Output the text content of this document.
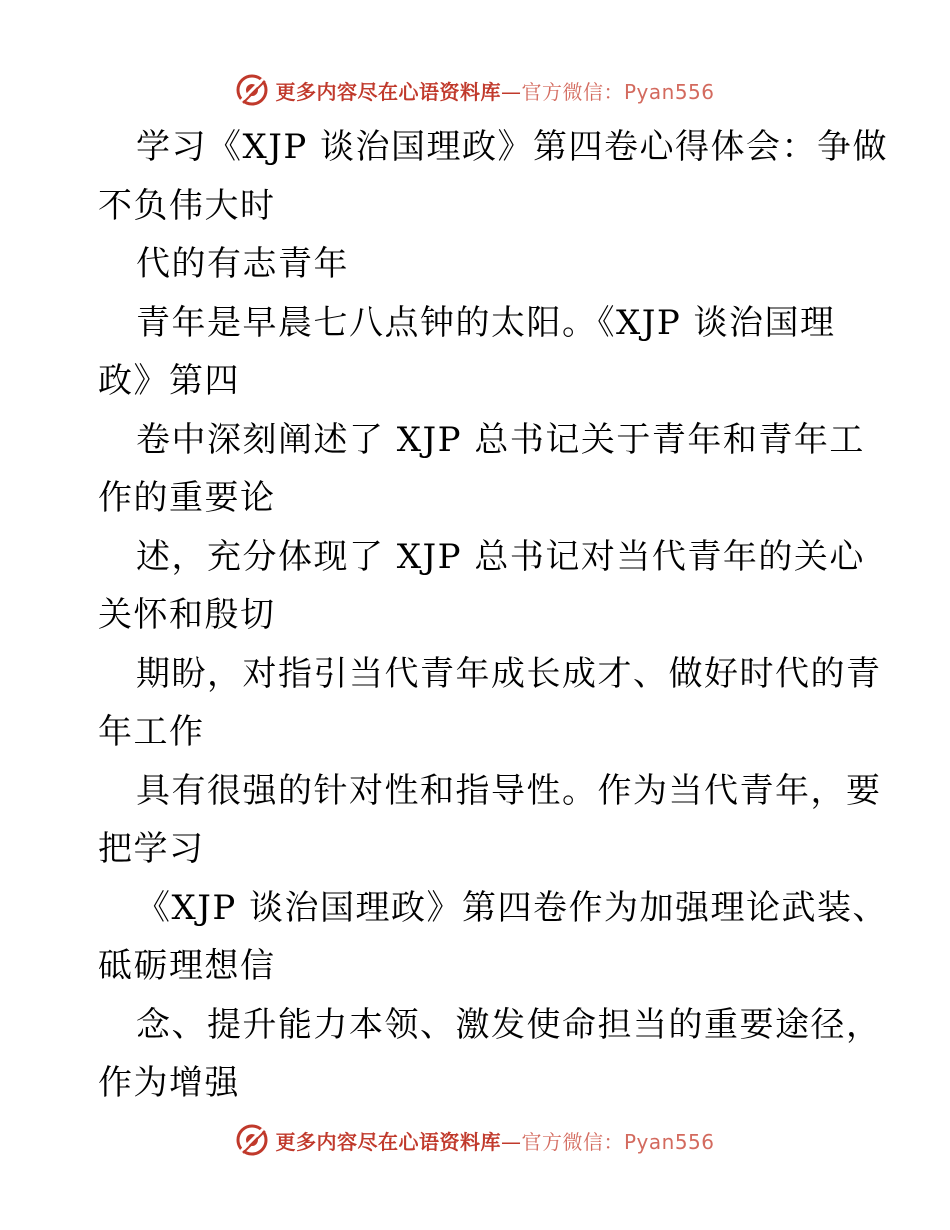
更多内容尽在心语资料库—官方微信：Pyan556
学习《XJP 谈治国理政》第四卷心得体会：争做
不负伟大时
代的有志青年
青年是早晨七八点钟的太阳。《XJP 谈治国理
政》第四
卷中深刻阐述了 XJP 总书记关于青年和青年工
作的重要论
述，充分体现了 XJP 总书记对当代青年的关心
关怀和殷切
期盼，对指引当代青年成长成才、做好时代的青
年工作
具有很强的针对性和指导性。作为当代青年，要
把学习
《XJP 谈治国理政》第四卷作为加强理论武装、
砥砺理想信
念、提升能力本领、激发使命担当的重要途径，
作为增强
更多内容尽在心语资料库—官方微信：Pyan556
